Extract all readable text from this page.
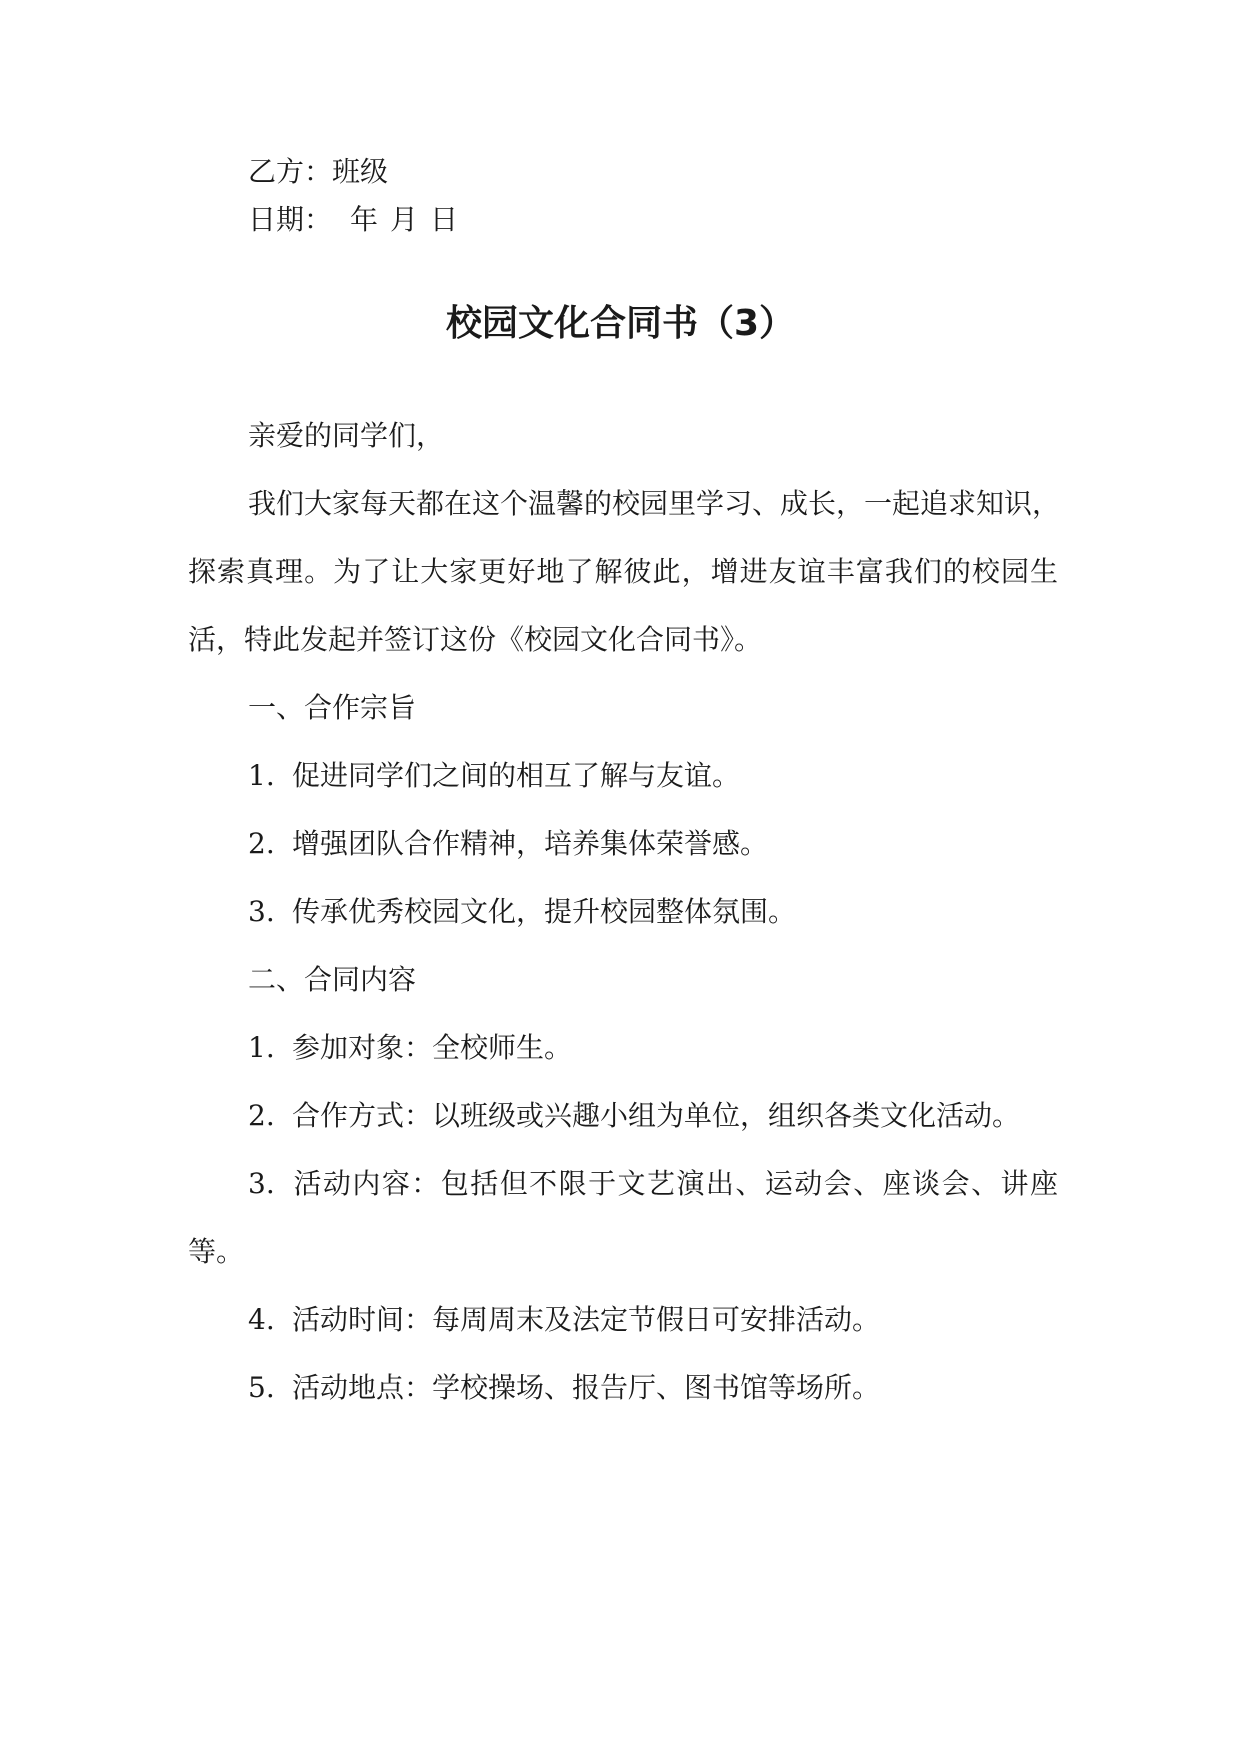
乙方：班级
日期： 年 月 日
校园文化合同书（3）
亲爱的同学们，
我们大家每天都在这个温馨的校园里学习、成长，一起追求知识，
探索真理。为了让大家更好地了解彼此，增进友谊丰富我们的校园生
活，特此发起并签订这份《校园文化合同书》。
一、合作宗旨
1. 促进同学们之间的相互了解与友谊。
2. 增强团队合作精神，培养集体荣誉感。
3. 传承优秀校园文化，提升校园整体氛围。
二、合同内容
1. 参加对象：全校师生。
2. 合作方式：以班级或兴趣小组为单位，组织各类文化活动。
3. 活动内容：包括但不限于文艺演出、运动会、座谈会、讲座
等。
4. 活动时间：每周周末及法定节假日可安排活动。
5. 活动地点：学校操场、报告厅、图书馆等场所。
